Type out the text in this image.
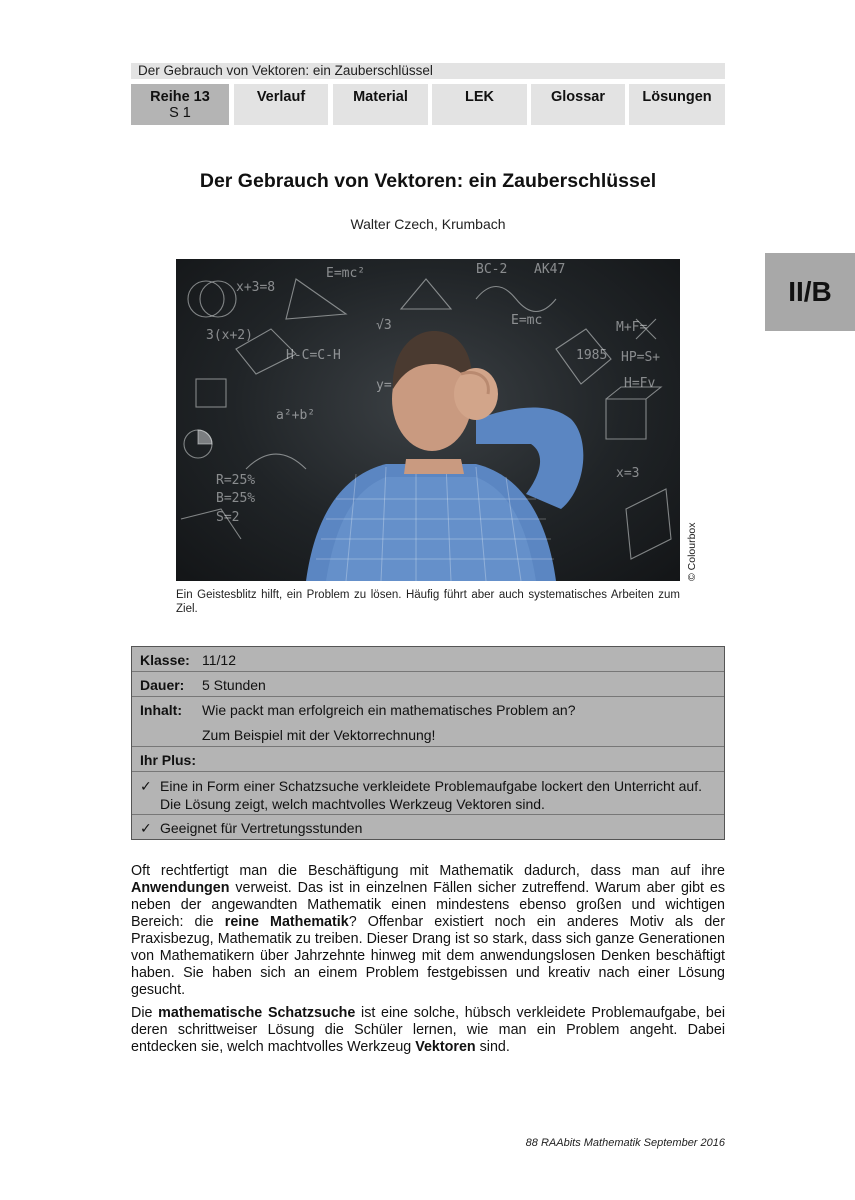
Der Gebrauch von Vektoren: ein Zauberschlüssel
Reihe 13
S 1
Verlauf	Material	LEK	Glossar	Lösungen
II/B
Der Gebrauch von Vektoren: ein Zauberschlüssel
Walter Czech, Krumbach
E=mc²
x+3=8
AK47
BC-2
H-C=C-H
√3	M+F=
HP=S+
1985
3(x+2)
R=25%
B=25%
H=Fv
S=2
E=mc
y=
x=3
a²+b²
© Colourbox
Ein Geistesblitz hilft, ein Problem zu lösen. Häufig führt aber auch systematisches Arbeiten zum Ziel.
Klasse: 11/12
Dauer: 5 Stunden
Inhalt: Wie packt man erfolgreich ein mathematisches Problem an?
Zum Beispiel mit der Vektorrechnung!
Ihr Plus:
✓ Eine in Form einer Schatzsuche verkleidete Problemaufgabe lockert den Unterricht auf. Die Lösung zeigt, welch machtvolles Werkzeug Vektoren sind.
✓ Geeignet für Vertretungsstunden

Oft rechtfertigt man die Beschäftigung mit Mathematik dadurch, dass man auf ihre Anwendungen verweist. Das ist in einzelnen Fällen sicher zutreffend. Warum aber gibt es neben der angewandten Mathematik einen mindestens ebenso großen und wichtigen Bereich: die reine Mathematik? Offenbar existiert noch ein anderes Motiv als der Praxisbezug, Mathematik zu treiben. Dieser Drang ist so stark, dass sich ganze Generationen von Mathematikern über Jahrzehnte hinweg mit dem anwendungslosen Denken beschäftigt haben. Sie haben sich an einem Problem festgebissen und kreativ nach einer Lösung gesucht.

Die mathematische Schatzsuche ist eine solche, hübsch verkleidete Problemaufgabe, bei deren schrittweiser Lösung die Schüler lernen, wie man ein Problem angeht. Dabei entdecken sie, welch machtvolles Werkzeug Vektoren sind.

88 RAAbits Mathematik September 2016
